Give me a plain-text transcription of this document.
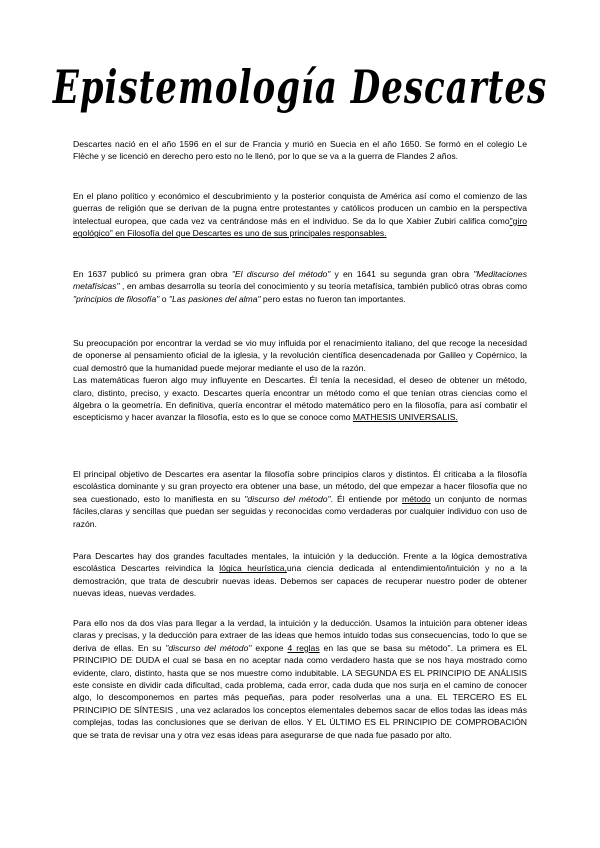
Epistemología Descartes

Descartes nació en el año 1596 en el sur de Francia y murió en Suecia en el año 1650. Se formó en el colegio Le Flèche y se licenció en derecho pero esto no le llenó, por lo que se va a la guerra de Flandes 2 años.

En el plano político y económico el descubrimiento y la posterior conquista de América así como el comienzo de las guerras de religión que se derivan de la pugna entre protestantes y católicos producen un cambio en la perspectiva intelectual europea, que cada vez va centrándose más en el individuo. Se da lo que Xabier Zubiri califica como"giro egológico" en Filosofía del que Descartes es uno de sus principales responsables.

En 1637 publicó su primera gran obra "El discurso del método" y en 1641 su segunda gran obra "Meditaciones metafísicas" , en ambas desarrolla su teoría del conocimiento y su teoría metafísica, también publicó otras obras como "principios de filosofía" o "Las pasiones del alma" pero estas no fueron tan importantes.

Su preocupación por encontrar la verdad se vio muy influida por el renacimiento italiano, del que recoge la necesidad de oponerse al pensamiento oficial de la iglesia, y la revolución científica desencadenada por Galileo y Copérnico, la cual demostró que la humanidad puede mejorar mediante el uso de la razón.
Las matemáticas fueron algo muy influyente en Descartes. Él tenía la necesidad, el deseo de obtener un método, claro, distinto, preciso, y exacto. Descartes quería encontrar un método como el que tenían otras ciencias como el álgebra o la geometría. En definitiva, quería encontrar el método matemático pero en la filosofía, para así combatir el escepticismo y hacer avanzar la filosofía, esto es lo que se conoce como MATHESIS UNIVERSALIS.

El principal objetivo de Descartes era asentar la filosofía sobre principios claros y distintos. Él criticaba a la filosofía escolástica dominante y su gran proyecto era obtener una base, un método, del que empezar a hacer filosofía que no sea cuestionado, esto lo manifiesta en su "discurso del método". Él entiende por método un conjunto de normas fáciles,claras y sencillas que puedan ser seguidas y reconocidas como verdaderas por cualquier individuo con uso de razón.

Para Descartes hay dos grandes facultades mentales, la intuición y la deducción. Frente a la lógica demostrativa escolástica Descartes reivindica la lógica heurística,una ciencia dedicada al entendimiento/intuición y no a la demostración, que trata de descubrir nuevas ideas. Debemos ser capaces de recuperar nuestro poder de obtener nuevas ideas, nuevas verdades.

Para ello nos da dos vías para llegar a la verdad, la intuición y la deducción. Usamos la intuición para obtener ideas claras y precisas, y la deducción para extraer de las ideas que hemos intuido todas sus consecuencias, todo lo que se deriva de ellas. En su "discurso del método" expone 4 reglas en las que se basa su método". La primera es EL PRINCIPIO DE DUDA el cual se basa en no aceptar nada como verdadero hasta que se nos haya mostrado como evidente, claro, distinto, hasta que se nos muestre como indubitable. LA SEGUNDA ES EL PRINCIPIO DE ANÁLISIS este consiste en dividir cada dificultad, cada problema, cada error, cada duda que nos surja en el camino de conocer algo, lo descomponemos en partes más pequeñas, para poder resolverlas una a una. EL TERCERO ES EL PRINCIPIO DE SÍNTESIS , una vez aclarados los conceptos elementales debemos sacar de ellos todas las ideas más complejas, todas las conclusiones que se derivan de ellos. Y EL ÚLTIMO ES EL PRINCIPIO DE COMPROBACIÓN que se trata de revisar una y otra vez esas ideas para asegurarse de que nada fue pasado por alto.
